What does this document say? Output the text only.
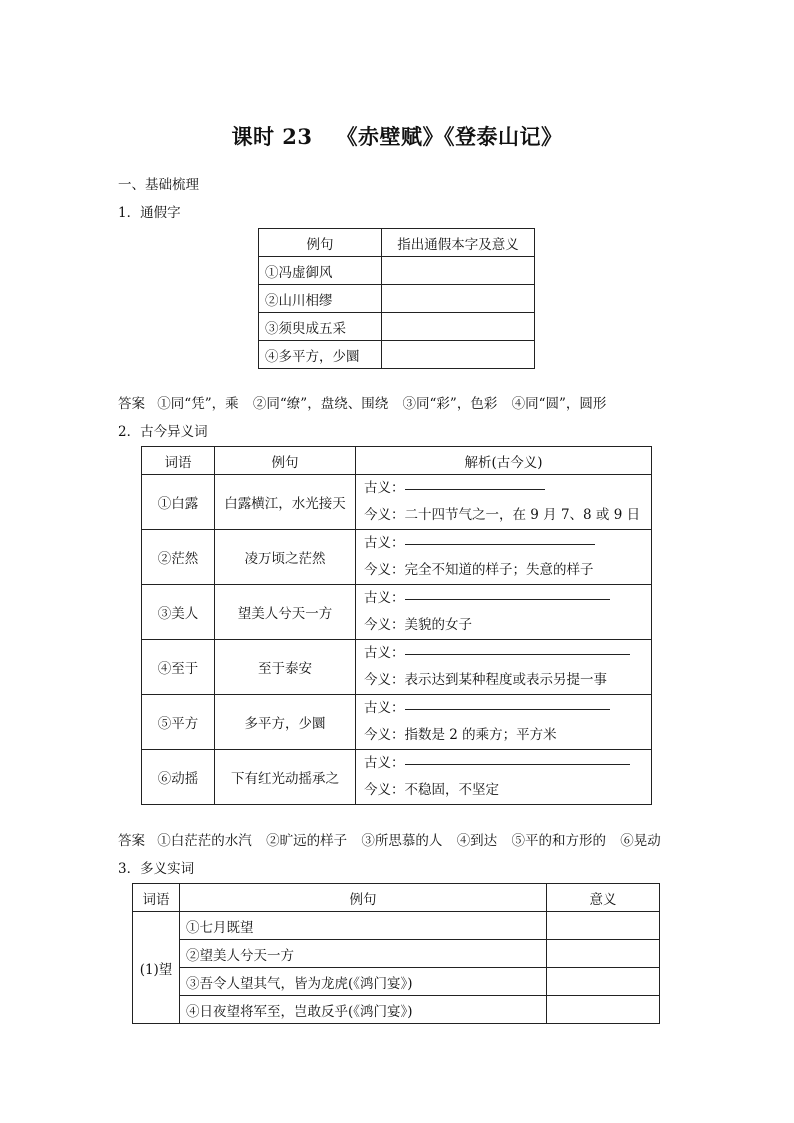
课时 23 《赤壁赋》《登泰山记》
一、基础梳理
1．通假字
例句	指出通假本字及意义
①冯虚御风	
②山川相缪	
③须臾成五采	
④多平方，少圜	
答案 ①同“凭”，乘 ②同“缭”，盘绕、围绕 ③同“彩”，色彩 ④同“圆”，圆形
2．古今异义词
词语	例句	解析(古今义)
①白露	白露横江，水光接天	古义：
今义：二十四节气之一，在 9 月 7、8 或 9 日

②茫然	凌万顷之茫然	古义：
今义：完全不知道的样子；失意的样子

③美人	望美人兮天一方	古义：
今义：美貌的女子

④至于	至于泰安	古义：
今义：表示达到某种程度或表示另提一事

⑤平方	多平方，少圜	古义：
今义：指数是 2 的乘方；平方米

⑥动摇	下有红光动摇承之	古义：
今义：不稳固，不坚定
答案 ①白茫茫的水汽 ②旷远的样子 ③所思慕的人 ④到达 ⑤平的和方形的 ⑥晃动
3．多义实词
词语	例句	意义
(1)望	①七月既望	
	②望美人兮天一方	
	③吾令人望其气，皆为龙虎(《鸿门宴》)	
	④日夜望将军至，岂敢反乎(《鸿门宴》)	
